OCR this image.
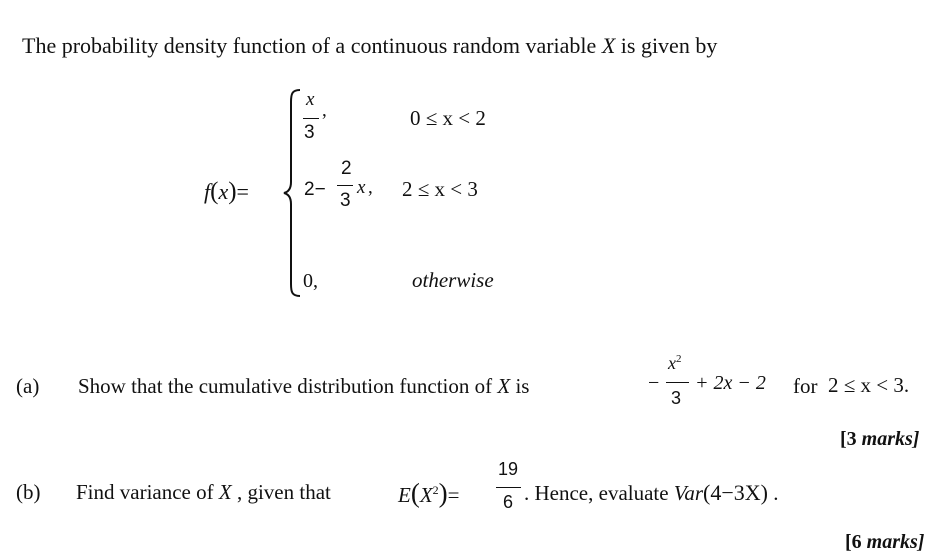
The probability density function of a continuous random variable X is given by
f(x)=
x
3
,	0 ≤ x < 2
2−
2
3
x , 2 ≤ x < 3
0,	otherwise
(a) Show that the cumulative distribution function of X is	−
$x^2$
3
+ 2x − 2 for 2 ≤ x < 3.
[3 marks]
(b) Find variance of X , given that	$E(X^2)=$
19
6 . Hence, evaluate Var(4−3X) .
[6 marks]
